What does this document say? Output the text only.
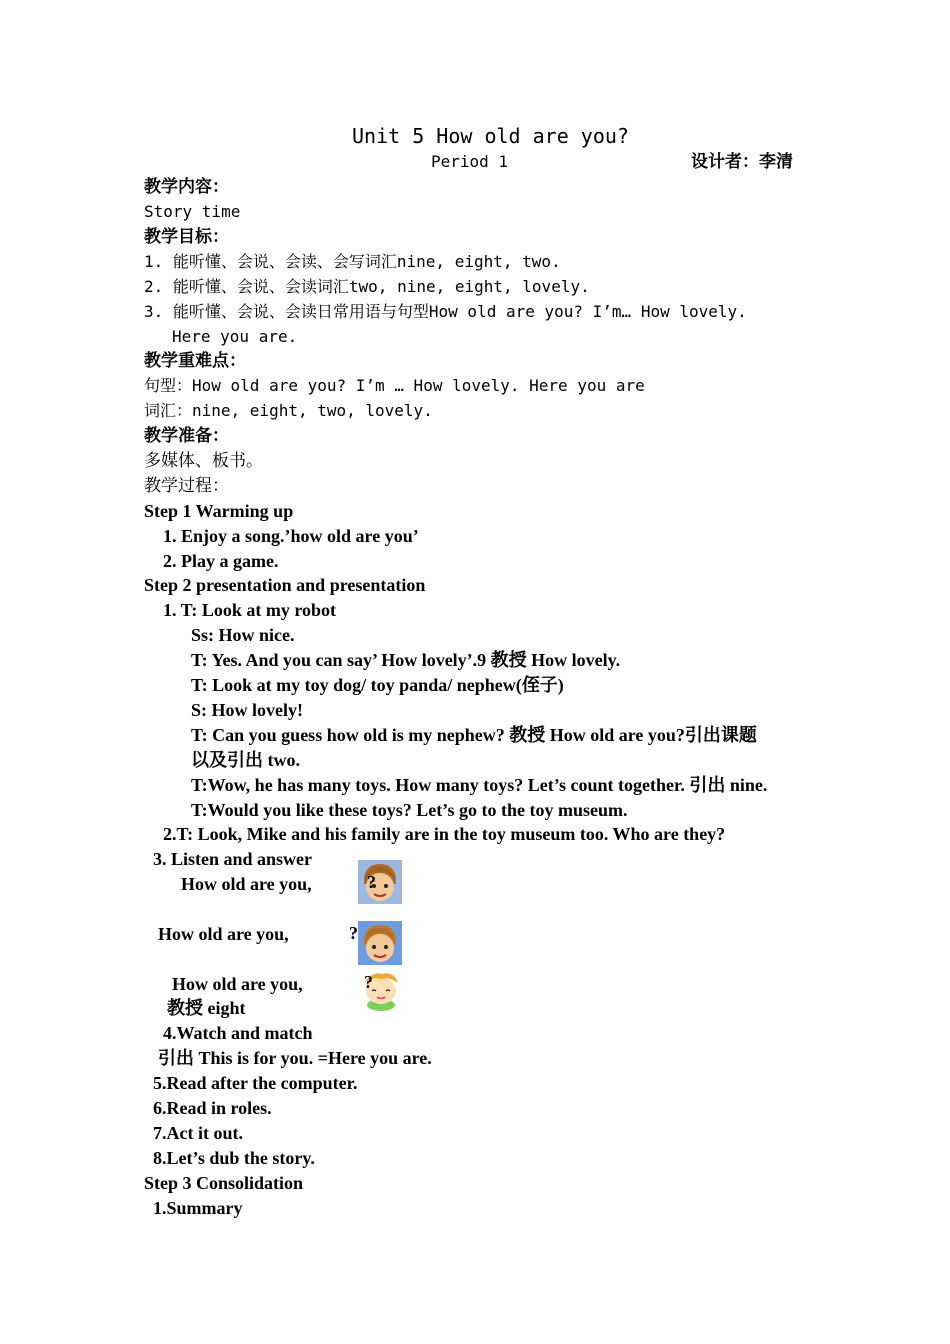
Unit 5 How old are you?
Period 1	设计者：李清
教学内容：
Story time
教学目标：
1. 能听懂、会说、会读、会写词汇nine, eight, two.
2. 能听懂、会说、会读词汇two, nine, eight, lovely.
3. 能听懂、会说、会读日常用语与句型How old are you? I’m… How lovely.
Here you are.
教学重难点：
句型：How old are you? I’m … How lovely. Here you are
词汇：nine, eight, two, lovely.
教学准备：
多媒体、板书。
教学过程：
Step 1 Warming up
1. Enjoy a song.’how old are you’
2. Play a game.
Step 2 presentation and presentation
1. T: Look at my robot
Ss: How nice.
T: Yes. And you can say’ How lovely’.9 教授 How lovely.
T: Look at my toy dog/ toy panda/ nephew(侄子)
S: How lovely!
T: Can you guess how old is my nephew? 教授 How old are you?引出课题
以及引出 two.
T:Wow, he has many toys. How many toys? Let’s count together. 引出 nine.
T:Would you like these toys? Let’s go to the toy museum.
2.T: Look, Mike and his family are in the toy museum too. Who are they?
3. Listen and answer
How old are you,	?
How old are you,	?
How old are you,	?
教授 eight
4.Watch and match
引出 This is for you. =Here you are.
5.Read after the computer.
6.Read in roles.
7.Act it out.
8.Let’s dub the story.
Step 3 Consolidation
1.Summary
